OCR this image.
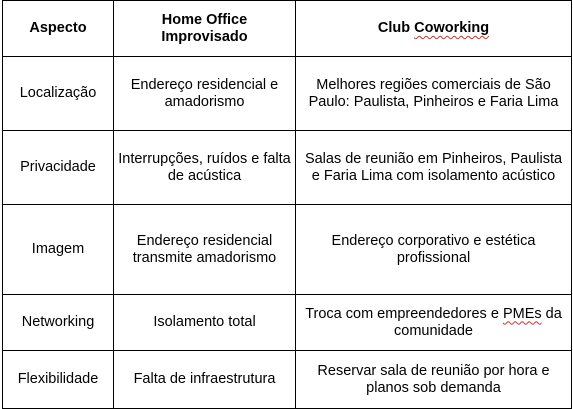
Aspecto	Home Office Improvisado	Club Coworking
Localização	Endereço residencial e amadorismo	Melhores regiões comerciais de São Paulo: Paulista, Pinheiros e Faria Lima
Privacidade	Interrupções, ruídos e falta de acústica	Salas de reunião em Pinheiros, Paulista e Faria Lima com isolamento acústico
Imagem	Endereço residencial transmite amadorismo	Endereço corporativo e estética profissional
Networking	Isolamento total	Troca com empreendedores e PMEs da comunidade
Flexibilidade	Falta de infraestrutura	Reservar sala de reunião por hora e planos sob demanda
